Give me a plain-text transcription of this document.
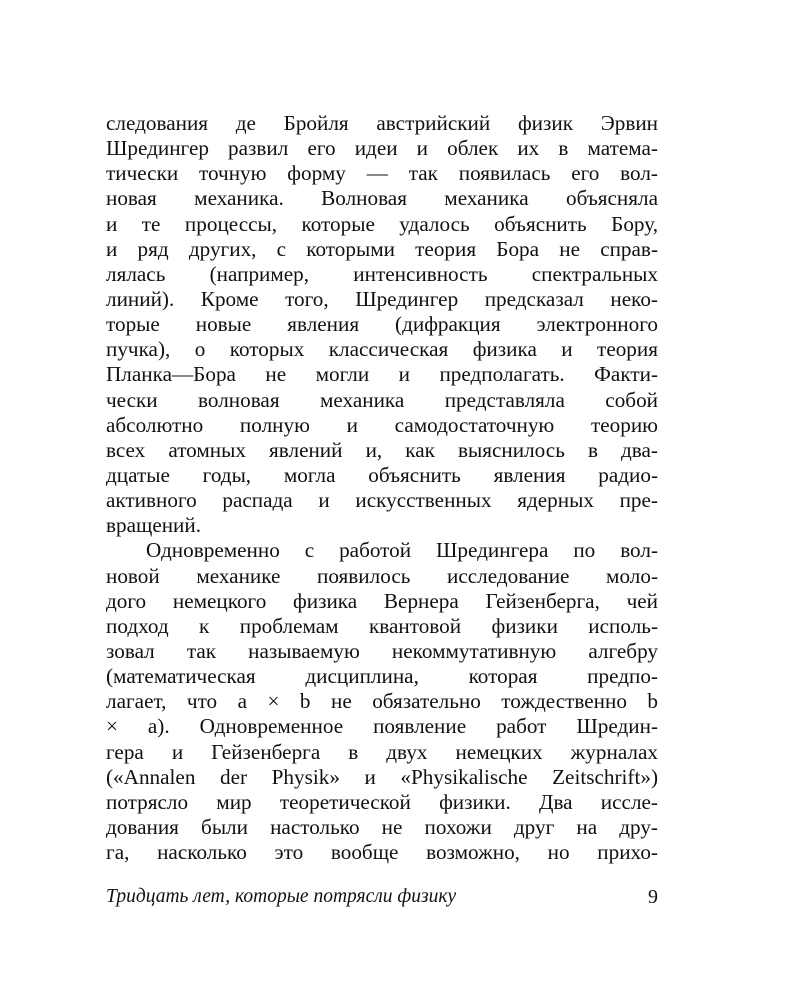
следования де Бройля австрийский физик Эрвин
Шредингер развил его идеи и облек их в матема-
тически точную форму — так появилась его вол-
новая механика. Волновая механика объясняла
и те процессы, которые удалось объяснить Бору,
и ряд других, с которыми теория Бора не справ-
лялась (например, интенсивность спектральных
линий). Кроме того, Шредингер предсказал неко-
торые новые явления (дифракция электронного
пучка), о которых классическая физика и теория
Планка—Бора не могли и предполагать. Факти-
чески волновая механика представляла собой
абсолютно полную и самодостаточную теорию
всех атомных явлений и, как выяснилось в два-
дцатые годы, могла объяснить явления радио-
активного распада и искусственных ядерных пре-
вращений.
Одновременно с работой Шредингера по вол-
новой механике появилось исследование моло-
дого немецкого физика Вернера Гейзенберга, чей
подход к проблемам квантовой физики исполь-
зовал так называемую некоммутативную алгебру
(математическая дисциплина, которая предпо-
лагает, что a × b не обязательно тождественно b
× a). Одновременное появление работ Шредин-
гера и Гейзенберга в двух немецких журналах
(«Annalen der Physik» и «Physikalische Zeitschrift»)
потрясло мир теоретической физики. Два иссле-
дования были настолько не похожи друг на дру-
га, насколько это вообще возможно, но прихо-
Тридцать лет, которые потрясли физику	9
